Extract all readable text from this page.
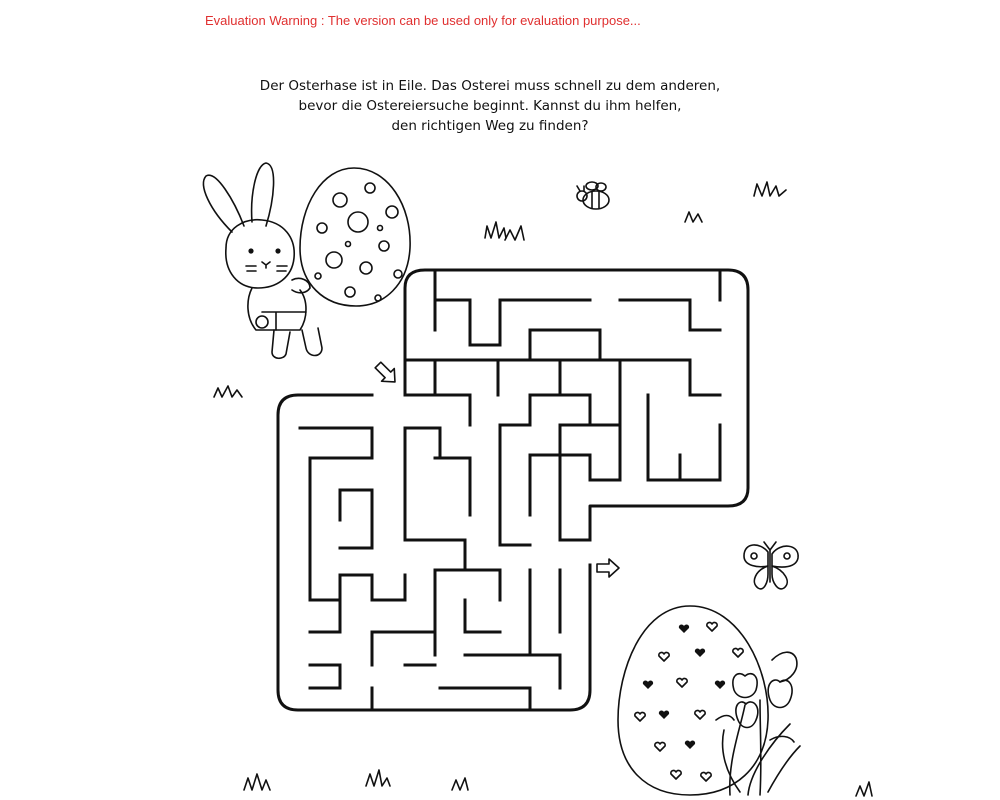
Evaluation Warning : The version can be used only for evaluation purpose...
Der Osterhase ist in Eile. Das Osterei muss schnell zu dem anderen,
bevor die Ostereiersuche beginnt. Kannst du ihm helfen,
den richtigen Weg zu finden?
